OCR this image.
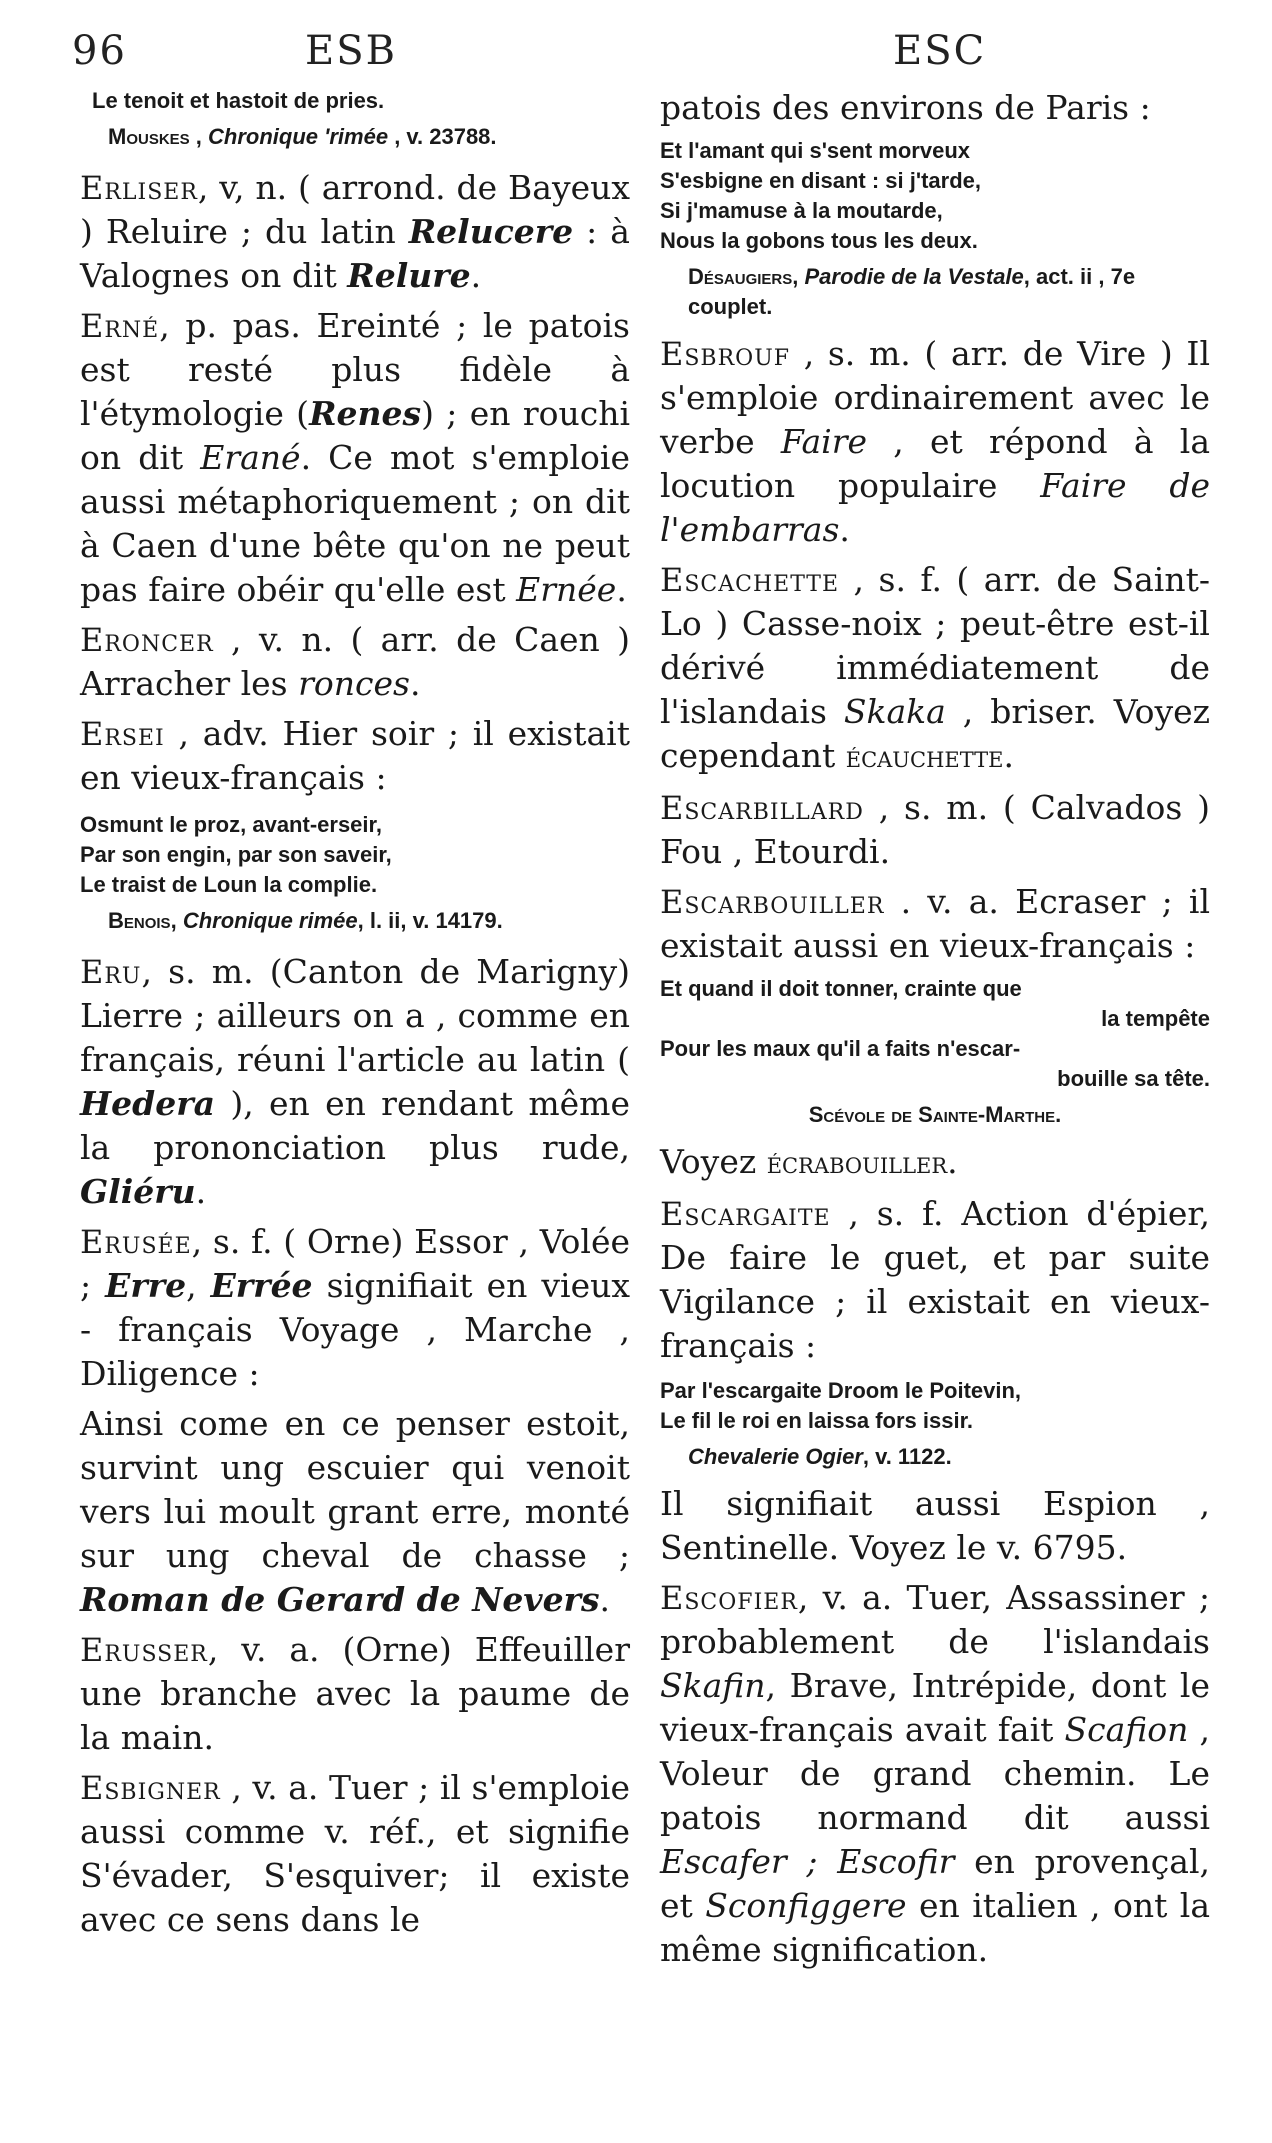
96	ESB	ESC
Le tenoit et hastoit de pries.
Mouskes , Chronique 'rimée , v. 23788.

Erliser, v, n. ( arrond. de Bayeux ) Reluire ; du latin Relucere : à Valognes on dit Relure.

Erné, p. pas. Ereinté ; le patois est resté plus fidèle à l'étymologie (Renes) ; en rouchi on dit Erané. Ce mot s'emploie aussi métaphoriquement ; on dit à Caen d'une bête qu'on ne peut pas faire obéir qu'elle est Ernée.

Eroncer , v. n. ( arr. de Caen ) Arracher les ronces.

Ersei , adv. Hier soir ; il existait en vieux-français :

Osmunt le proz, avant-erseir,
Par son engin, par son saveir,
Le traist de Loun la complie.
Benois, Chronique rimée, l. ii, v. 14179.

Eru, s. m. (Canton de Marigny) Lierre ; ailleurs on a , comme en français, réuni l'article au latin ( Hedera ), en en rendant même la prononciation plus rude, Gliéru.

Erusée, s. f. ( Orne) Essor , Volée ; Erre, Errée signifiait en vieux - français Voyage , Marche , Diligence :

Ainsi come en ce penser estoit, survint ung escuier qui venoit vers lui moult grant erre, monté sur ung cheval de chasse ; Roman de Gerard de Nevers.

Erusser, v. a. (Orne) Effeuiller une branche avec la paume de la main.

Esbigner , v. a. Tuer ; il s'emploie aussi comme v. réf., et signifie S'évader, S'esquiver; il existe avec ce sens dans le

patois des environs de Paris :

Et l'amant qui s'sent morveux
S'esbigne en disant : si j'tarde,
Si j'mamuse à la moutarde,
Nous la gobons tous les deux.
Désaugiers, Parodie de la Vestale, act. ii , 7e couplet.

Esbrouf , s. m. ( arr. de Vire ) Il s'emploie ordinairement avec le verbe Faire , et répond à la locution populaire Faire de l'embarras.

Escachette , s. f. ( arr. de Saint-Lo ) Casse-noix ; peut-être est-il dérivé immédiatement de l'islandais Skaka , briser. Voyez cependant écauchette.

Escarbillard , s. m. ( Calvados ) Fou , Etourdi.

Escarbouiller . v. a. Ecraser ; il existait aussi en vieux-français :

Et quand il doit tonner, crainte que
la tempête
Pour les maux qu'il a faits n'escar-
bouille sa tête.
Scévole de Sainte-Marthe.

Voyez écrabouiller.

Escargaite , s. f. Action d'épier, De faire le guet, et par suite Vigilance ; il existait en vieux-français :

Par l'escargaite Droom le Poitevin,
Le fil le roi en laissa fors issir.
Chevalerie Ogier, v. 1122.

Il signifiait aussi Espion , Sentinelle. Voyez le v. 6795.

Escofier, v. a. Tuer, Assassiner ; probablement de l'islandais Skafin, Brave, Intrépide, dont le vieux-français avait fait Scafion , Voleur de grand chemin. Le patois normand dit aussi Escafer ; Escofir en provençal, et Sconfiggere en italien , ont la même signification.
